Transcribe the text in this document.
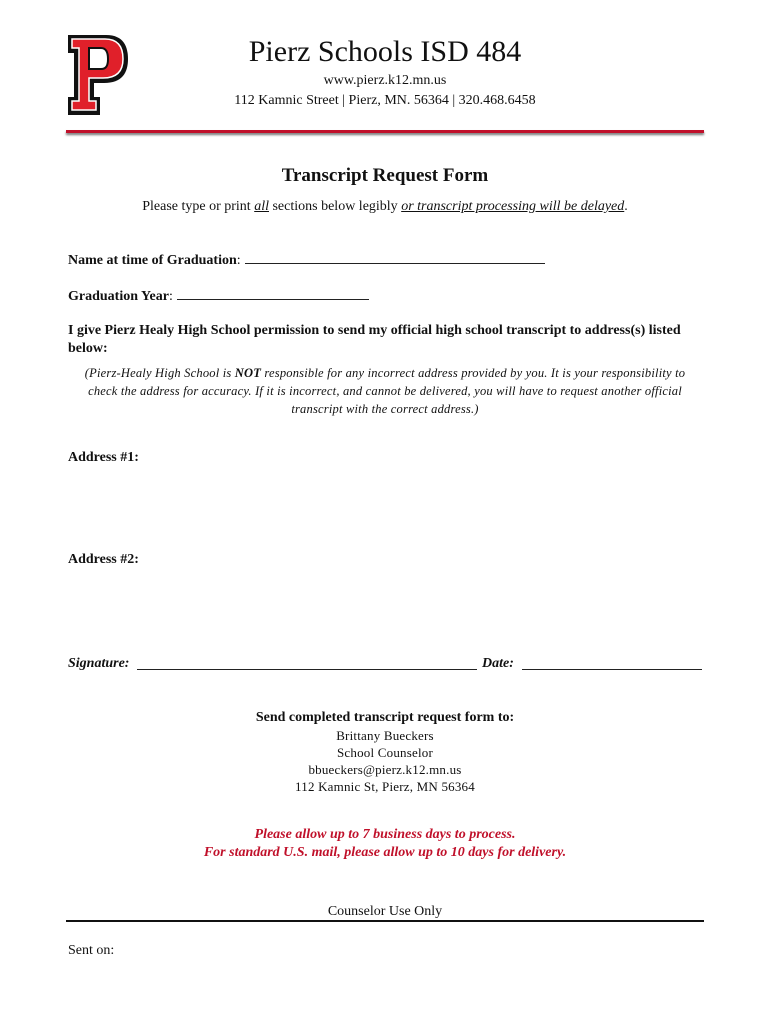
Pierz Schools ISD 484
www.pierz.k12.mn.us
112 Kamnic Street | Pierz, MN. 56364 | 320.468.6458
Transcript Request Form
Please type or print all sections below legibly or transcript processing will be delayed.
Name at time of Graduation:
Graduation Year:
I give Pierz Healy High School permission to send my official high school transcript to address(s) listed below:
(Pierz-Healy High School is NOT responsible for any incorrect address provided by you. It is your responsibility to check the address for accuracy. If it is incorrect, and cannot be delivered, you will have to request another official transcript with the correct address.)
Address #1:
Address #2:
Signature:	Date:
Send completed transcript request form to:
Brittany Bueckers
School Counselor
bbueckers@pierz.k12.mn.us
112 Kamnic St, Pierz, MN 56364
Please allow up to 7 business days to process.
For standard U.S. mail, please allow up to 10 days for delivery.
Counselor Use Only
Sent on:
